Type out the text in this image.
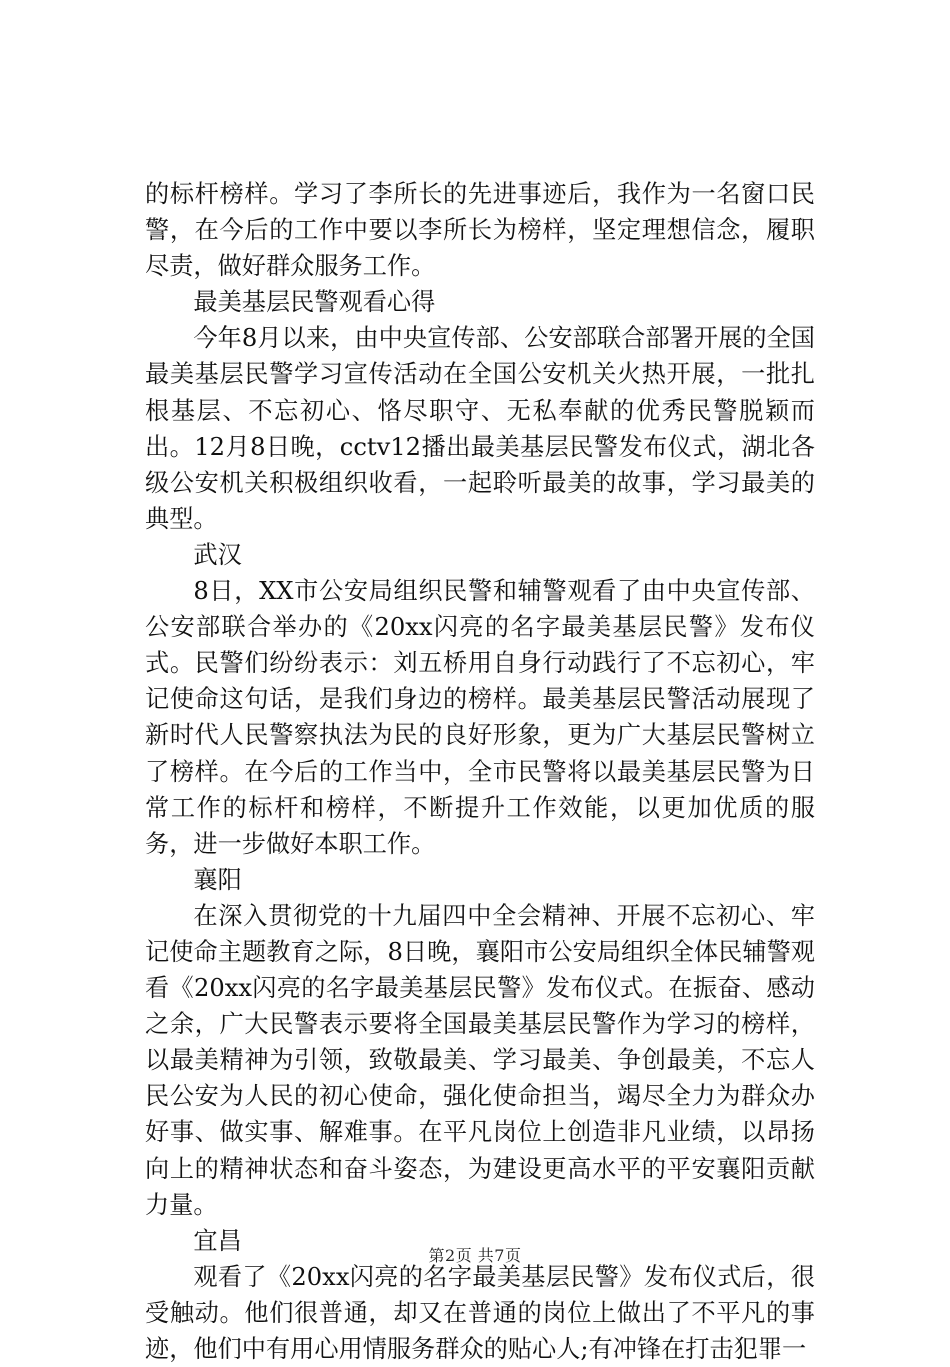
的标杆榜样。学习了李所长的先进事迹后，我作为一名窗口民警，在今后的工作中要以李所长为榜样，坚定理想信念，履职尽责，做好群众服务工作。

最美基层民警观看心得

今年8月以来，由中央宣传部、公安部联合部署开展的全国最美基层民警学习宣传活动在全国公安机关火热开展，一批扎根基层、不忘初心、恪尽职守、无私奉献的优秀民警脱颖而出。12月8日晚，cctv12播出最美基层民警发布仪式，湖北各级公安机关积极组织收看，一起聆听最美的故事，学习最美的典型。

武汉

8日，XX市公安局组织民警和辅警观看了由中央宣传部、公安部联合举办的《20xx闪亮的名字最美基层民警》发布仪式。民警们纷纷表示：刘五桥用自身行动践行了不忘初心，牢记使命这句话，是我们身边的榜样。最美基层民警活动展现了新时代人民警察执法为民的良好形象，更为广大基层民警树立了榜样。在今后的工作当中，全市民警将以最美基层民警为日常工作的标杆和榜样，不断提升工作效能，以更加优质的服务，进一步做好本职工作。

襄阳

在深入贯彻党的十九届四中全会精神、开展不忘初心、牢记使命主题教育之际，8日晚，襄阳市公安局组织全体民辅警观看《20xx闪亮的名字最美基层民警》发布仪式。在振奋、感动之余，广大民警表示要将全国最美基层民警作为学习的榜样，以最美精神为引领，致敬最美、学习最美、争创最美，不忘人民公安为人民的初心使命，强化使命担当，竭尽全力为群众办好事、做实事、解难事。在平凡岗位上创造非凡业绩，以昂扬向上的精神状态和奋斗姿态，为建设更高水平的平安襄阳贡献力量。

宜昌

观看了《20xx闪亮的名字最美基层民警》发布仪式后，很受触动。他们很普通，却又在普通的岗位上做出了不平凡的事迹，他们中有用心用情服务群众的贴心人;有冲锋在打击犯罪一

第2页 共7页
